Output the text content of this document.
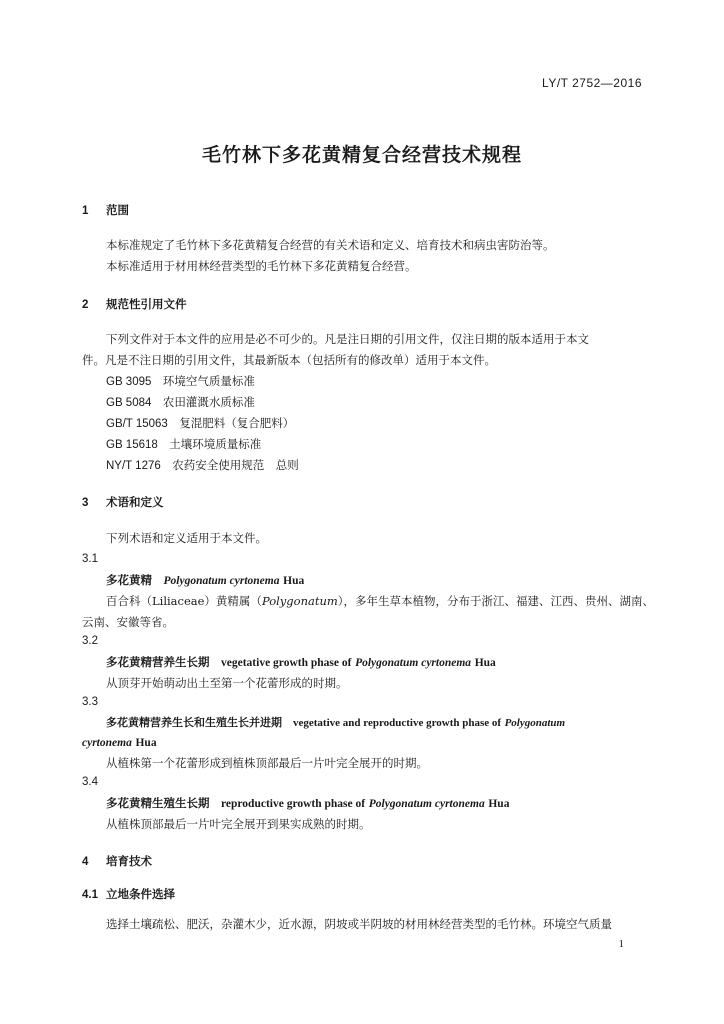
LY/T 2752—2016
毛竹林下多花黄精复合经营技术规程
1 范围
本标准规定了毛竹林下多花黄精复合经营的有关术语和定义、培育技术和病虫害防治等。
本标准适用于材用林经营类型的毛竹林下多花黄精复合经营。
2 规范性引用文件
下列文件对于本文件的应用是必不可少的。凡是注日期的引用文件，仅注日期的版本适用于本文
件。凡是不注日期的引用文件，其最新版本（包括所有的修改单）适用于本文件。
GB 3095　 环境空气质量标准
GB 5084　 农田灌溉水质标准
GB/T 15063　 复混肥料（复合肥料）
GB 15618　 土壤环境质量标准
NY/T 1276　 农药安全使用规范　总则
3 术语和定义
下列术语和定义适用于本文件。
3.1
多花黄精　 Polygonatum cyrtonema Hua
百合科（Liliaceae）黄精属（Polygonatum），多年生草本植物，分布于浙江、福建、江西、贵州、湖南、
云南、安徽等省。
3.2
多花黄精营养生长期　 vegetative growth phase of Polygonatum cyrtonema Hua
从顶芽开始萌动出土至第一个花蕾形成的时期。
3.3
多花黄精营养生长和生殖生长并进期　 vegetative and reproductive growth phase of Polygonatum
cyrtonema Hua
从植株第一个花蕾形成到植株顶部最后一片叶完全展开的时期。
3.4
多花黄精生殖生长期　 reproductive growth phase of Polygonatum cyrtonema Hua
从植株顶部最后一片叶完全展开到果实成熟的时期。
4 培育技术
4.1 立地条件选择
选择土壤疏松、肥沃，杂灌木少，近水源，阴坡或半阴坡的材用林经营类型的毛竹林。环境空气质量
1
